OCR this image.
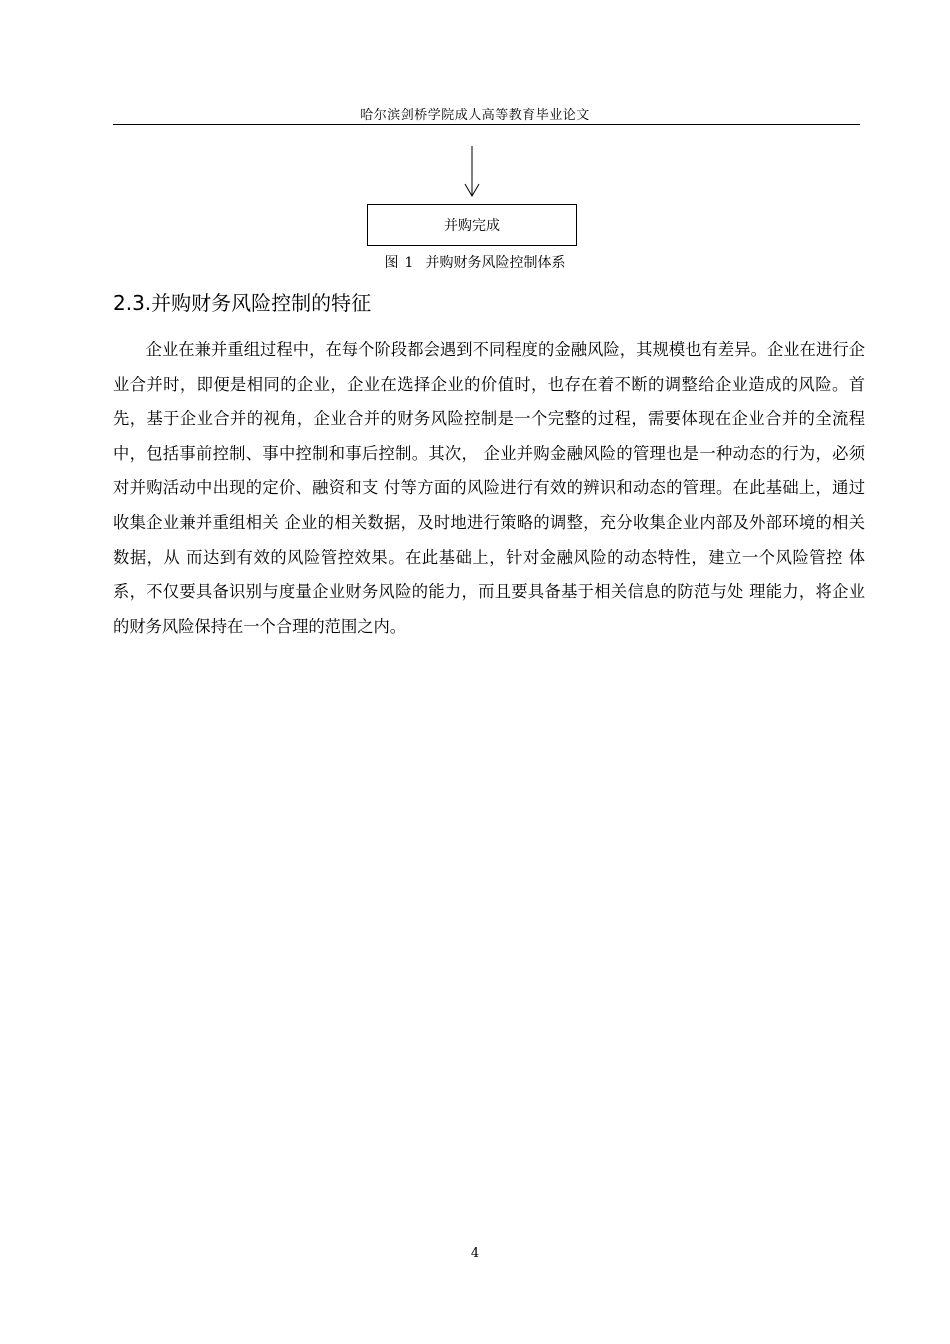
哈尔滨剑桥学院成人高等教育毕业论文
并购完成
图 1 并购财务风险控制体系
2.3.并购财务风险控制的特征

企业在兼并重组过程中，在每个阶段都会遇到不同程度的金融风险，其规模也有差异。企业在进行企业合并时，即便是相同的企业，企业在选择企业的价值时，也存在着不断的调整给企业造成的风险。首先，基于企业合并的视角，企业合并的财务风险控制是一个完整的过程，需要体现在企业合并的全流程中，包括事前控制、事中控制和事后控制。其次， 企业并购金融风险的管理也是一种动态的行为，必须对并购活动中出现的定价、融资和支 付等方面的风险进行有效的辨识和动态的管理。在此基础上，通过收集企业兼并重组相关 企业的相关数据，及时地进行策略的调整，充分收集企业内部及外部环境的相关数据，从 而达到有效的风险管控效果。在此基础上，针对金融风险的动态特性，建立一个风险管控 体系，不仅要具备识别与度量企业财务风险的能力，而且要具备基于相关信息的防范与处 理能力，将企业的财务风险保持在一个合理的范围之内。

4
